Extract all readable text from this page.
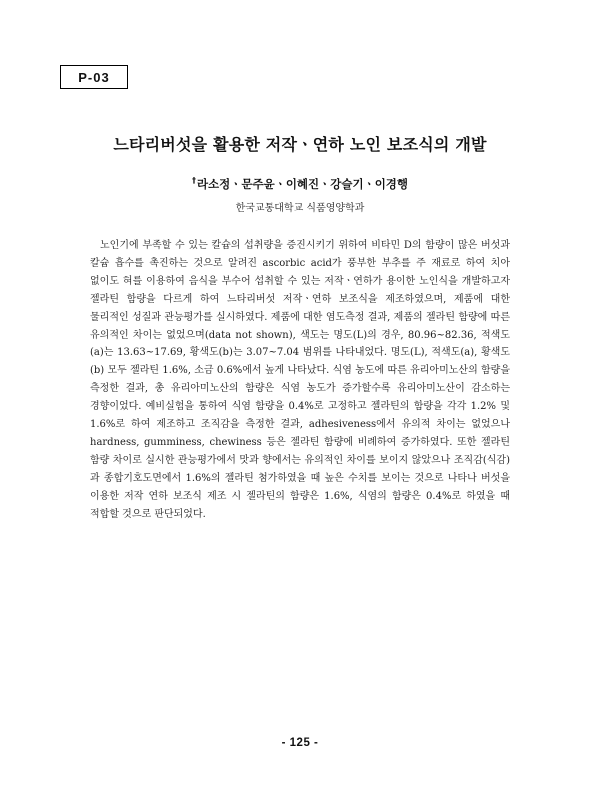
P-03
느타리버섯을 활용한 저작ㆍ연하 노인 보조식의 개발
†라소정ㆍ문주윤ㆍ이혜진ㆍ강슬기ㆍ이경행
한국교통대학교 식품영양학과

노인기에 부족할 수 있는 칼슘의 섭취량을 증진시키기 위하여 비타민 D의 함량이 많은 버섯과 칼슘 흡수를 촉진하는 것으로 알려진 ascorbic acid가 풍부한 부추를 주 재료로 하여 치아 없이도 혀를 이용하여 음식을 부수어 섭취할 수 있는 저작ㆍ연하가 용이한 노인식을 개발하고자 젤라틴 함량을 다르게 하여 느타리버섯 저작ㆍ연하 보조식을 제조하였으며, 제품에 대한 물리적인 성질과 관능평가를 실시하였다. 제품에 대한 염도측정 결과, 제품의 젤라틴 함량에 따른 유의적인 차이는 없었으며(data not shown), 색도는 명도(L)의 경우, 80.96~82.36, 적색도(a)는 13.63~17.69, 황색도(b)는 3.07~7.04 범위를 나타내었다. 명도(L), 적색도(a), 황색도(b) 모두 젤라틴 1.6%, 소금 0.6%에서 높게 나타났다. 식염 농도에 따른 유리아미노산의 함량을 측정한 결과, 총 유리아미노산의 함량은 식염 농도가 증가할수록 유리아미노산이 감소하는 경향이었다. 예비실험을 통하여 식염 함량을 0.4%로 고정하고 젤라틴의 함량을 각각 1.2% 및 1.6%로 하여 제조하고 조직감을 측정한 결과, adhesiveness에서 유의적 차이는 없었으나 hardness, gumminess, chewiness 등은 젤라틴 함량에 비례하여 증가하였다. 또한 젤라틴 함량 차이로 실시한 관능평가에서 맛과 향에서는 유의적인 차이를 보이지 않았으나 조직감(식감)과 종합기호도면에서 1.6%의 젤라틴 첨가하였을 때 높은 수치를 보이는 것으로 나타나 버섯을 이용한 저작 연하 보조식 제조 시 젤라틴의 함량은 1.6%, 식염의 함량은 0.4%로 하였을 때 적합할 것으로 판단되었다.

- 125 -
